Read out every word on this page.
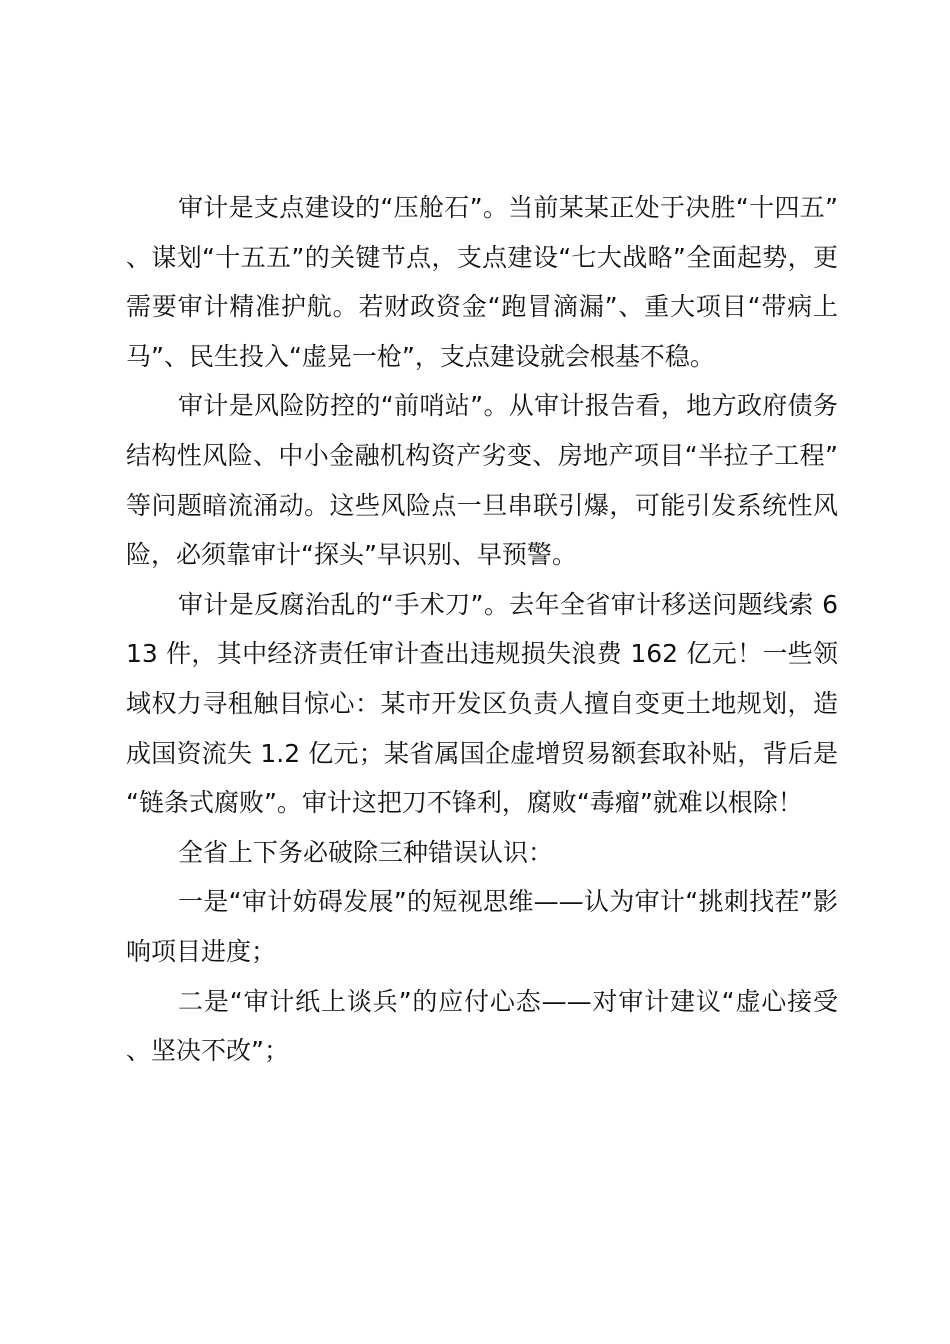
审计是支点建设的“压舱石”。当前某某正处于决胜“十四五”、谋划“十五五”的关键节点，支点建设“七大战略”全面起势，更需要审计精准护航。若财政资金“跑冒滴漏”、重大项目“带病上马”、民生投入“虚晃一枪”，支点建设就会根基不稳。

审计是风险防控的“前哨站”。从审计报告看，地方政府债务结构性风险、中小金融机构资产劣变、房地产项目“半拉子工程”等问题暗流涌动。这些风险点一旦串联引爆，可能引发系统性风险，必须靠审计“探头”早识别、早预警。

审计是反腐治乱的“手术刀”。去年全省审计移送问题线索 613 件，其中经济责任审计查出违规损失浪费 162 亿元！一些领域权力寻租触目惊心：某市开发区负责人擅自变更土地规划，造成国资流失 1.2 亿元；某省属国企虚增贸易额套取补贴，背后是“链条式腐败”。审计这把刀不锋利，腐败“毒瘤”就难以根除！

全省上下务必破除三种错误认识：

一是“审计妨碍发展”的短视思维——认为审计“挑刺找茬”影响项目进度；

二是“审计纸上谈兵”的应付心态——对审计建议“虚心接受、坚决不改”；
